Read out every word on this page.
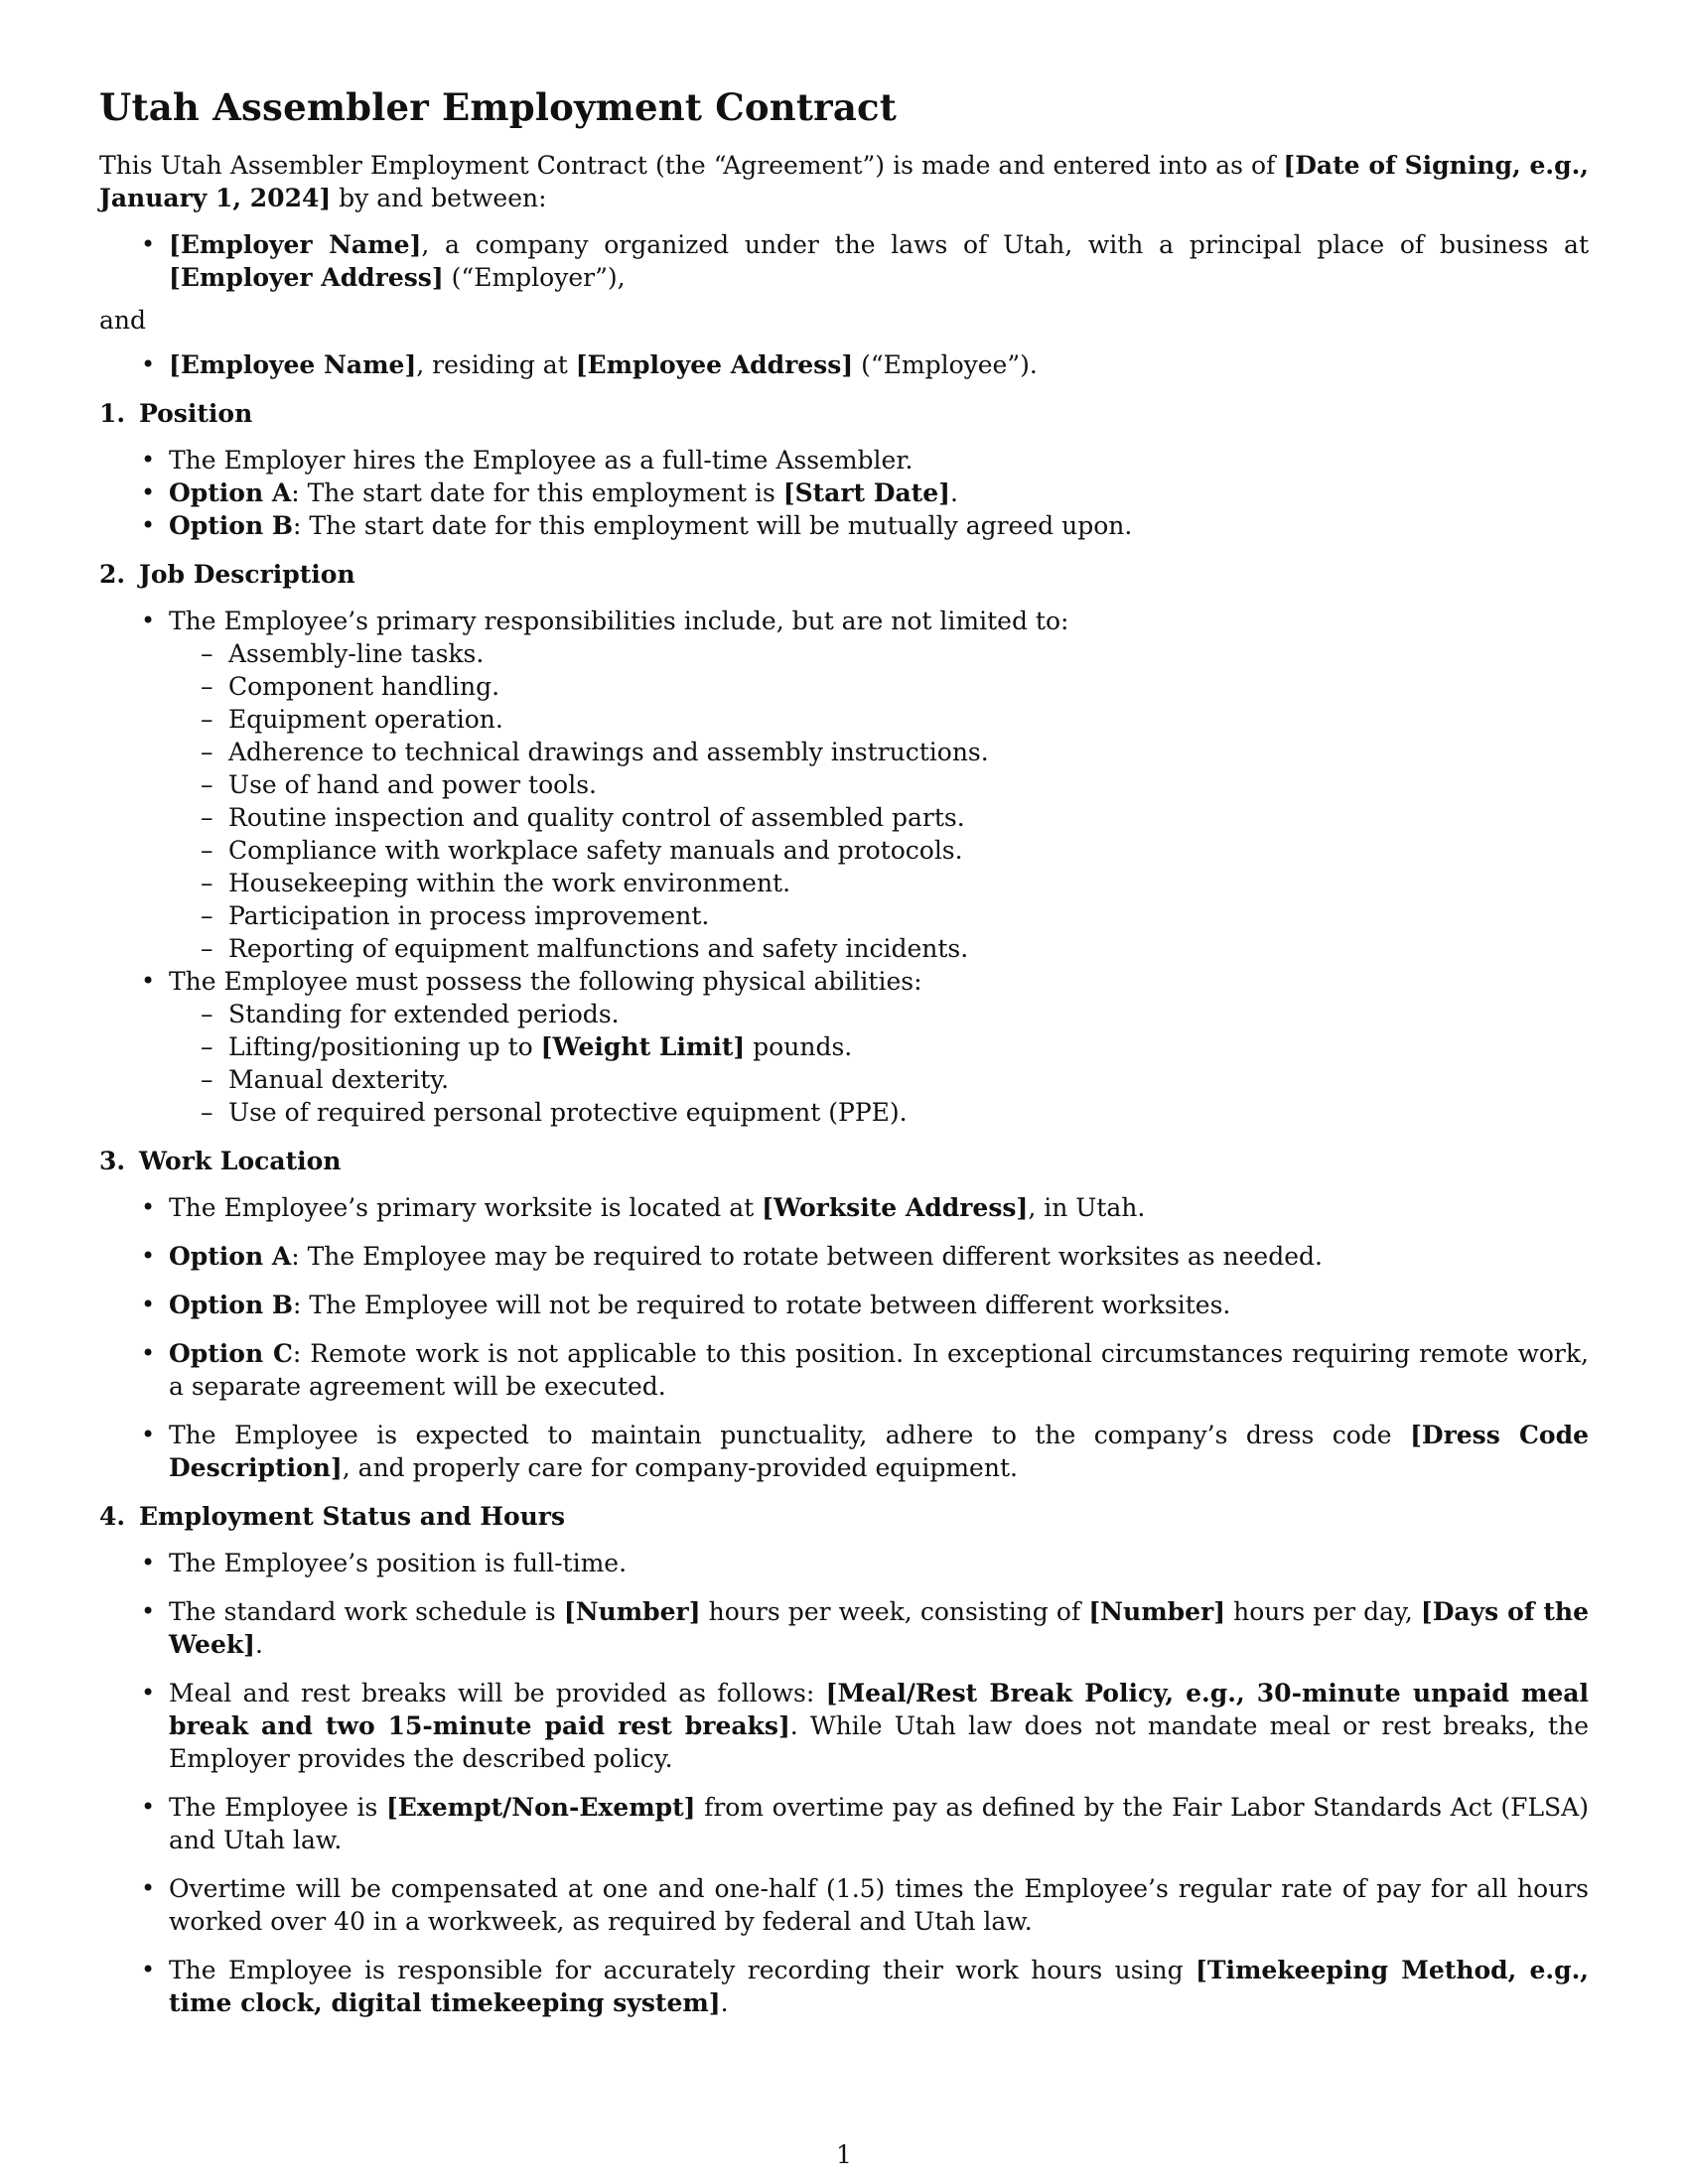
Utah Assembler Employment Contract

This Utah Assembler Employment Contract (the “Agreement”) is made and entered into as of [Date of Signing, e.g., January 1, 2024] by and between:

• [Employer Name], a company organized under the laws of Utah, with a principal place of business at [Employer Address] (“Employer”),

and

• [Employee Name], residing at [Employee Address] (“Employee”).
1. Position
• The Employer hires the Employee as a full-time Assembler.
• Option A: The start date for this employment is [Start Date].
• Option B: The start date for this employment will be mutually agreed upon.
2. Job Description
• The Employee’s primary responsibilities include, but are not limited to:
– Assembly-line tasks.
– Component handling.
– Equipment operation.
– Adherence to technical drawings and assembly instructions.
– Use of hand and power tools.
– Routine inspection and quality control of assembled parts.
– Compliance with workplace safety manuals and protocols.
– Housekeeping within the work environment.
– Participation in process improvement.
– Reporting of equipment malfunctions and safety incidents.
• The Employee must possess the following physical abilities:
– Standing for extended periods.
– Lifting/positioning up to [Weight Limit] pounds.
– Manual dexterity.
– Use of required personal protective equipment (PPE).
3. Work Location
• The Employee’s primary worksite is located at [Worksite Address], in Utah.
• Option A: The Employee may be required to rotate between different worksites as needed.
• Option B: The Employee will not be required to rotate between different worksites.
• Option C: Remote work is not applicable to this position. In exceptional circumstances requiring remote work, a separate agreement will be executed.
• The Employee is expected to maintain punctuality, adhere to the company’s dress code [Dress Code Description], and properly care for company-provided equipment.
4. Employment Status and Hours
• The Employee’s position is full-time.
• The standard work schedule is [Number] hours per week, consisting of [Number] hours per day, [Days of the Week].
• Meal and rest breaks will be provided as follows: [Meal/Rest Break Policy, e.g., 30-minute unpaid meal break and two 15-minute paid rest breaks]. While Utah law does not mandate meal or rest breaks, the Employer provides the described policy.
• The Employee is [Exempt/Non-Exempt] from overtime pay as defined by the Fair Labor Standards Act (FLSA) and Utah law.
• Overtime will be compensated at one and one-half (1.5) times the Employee’s regular rate of pay for all hours worked over 40 in a workweek, as required by federal and Utah law.
• The Employee is responsible for accurately recording their work hours using [Timekeeping Method, e.g., time clock, digital timekeeping system].
1
